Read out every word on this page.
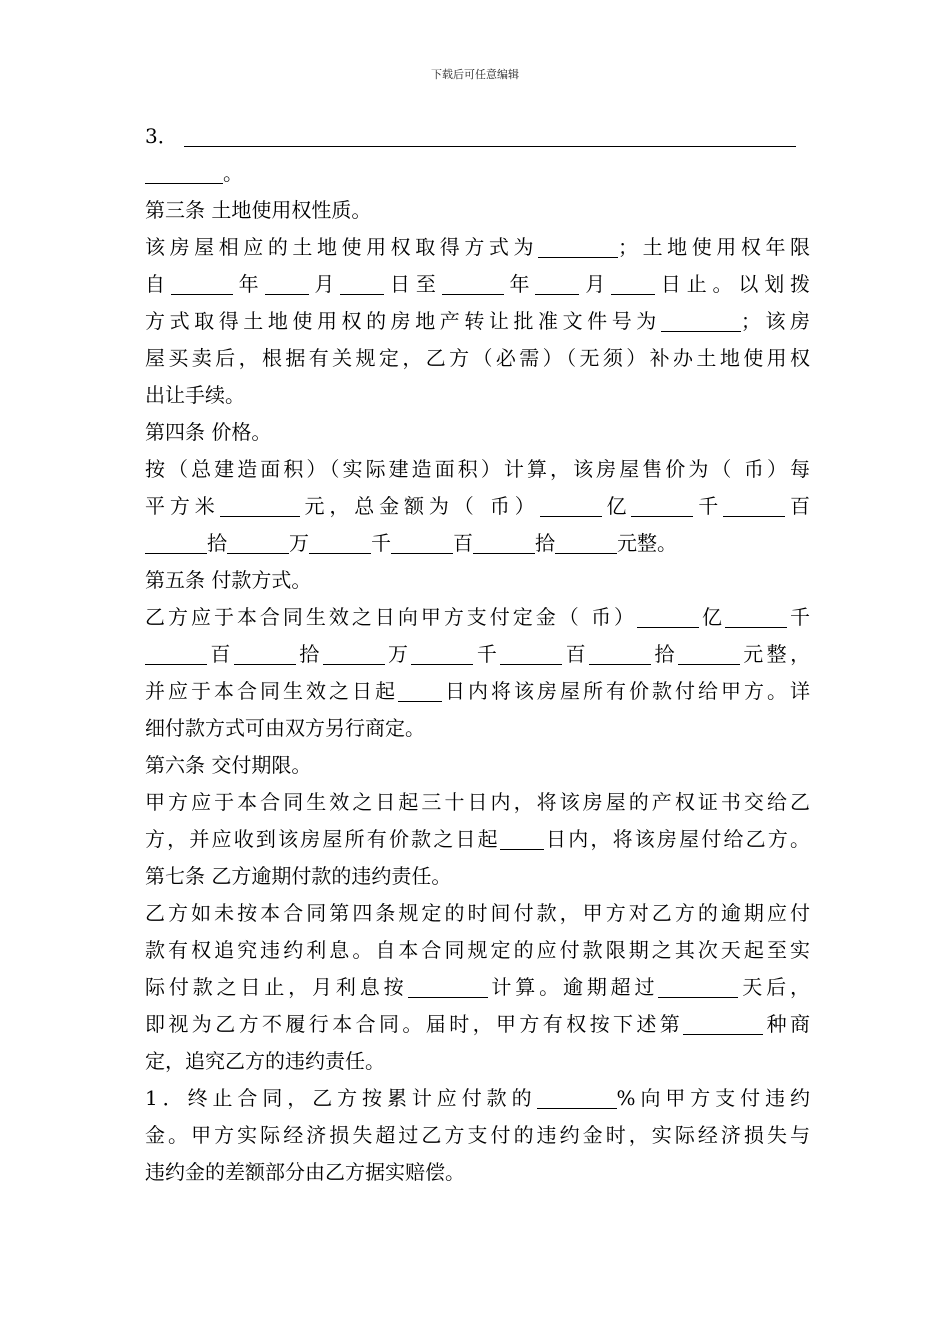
下载后可任意编辑
3．
。
第三条 土地使用权性质。
该房屋相应的土地使用权取得方式为	；土地使用权年限
自	年 月 日至	年 月 日止。以划拨
方式取得土地使用权的房地产转让批准文件号为	；该房
屋买卖后，根据有关规定，乙方（必需）（无须）补办土地使用权
出让手续。
第四条 价格。
按（总建造面积）（实际建造面积）计算，该房屋售价为（ 币）每
平方米	元，总金额为（ 币）	亿	千	百
拾	万	千	百	拾	元整。
第五条 付款方式。
乙方应于本合同生效之日向甲方支付定金（ 币）	亿	千
百	拾	万	千	百	拾	元整，
并应于本合同生效之日起 日内将该房屋所有价款付给甲方。详
细付款方式可由双方另行商定。
第六条 交付期限。
甲方应于本合同生效之日起三十日内，将该房屋的产权证书交给乙
方，并应收到该房屋所有价款之日起 日内，将该房屋付给乙方。
第七条 乙方逾期付款的违约责任。
乙方如未按本合同第四条规定的时间付款，甲方对乙方的逾期应付
款有权追究违约利息。自本合同规定的应付款限期之其次天起至实
际付款之日止，月利息按	计算。逾期超过	天后，
即视为乙方不履行本合同。届时，甲方有权按下述第	种商
定，追究乙方的违约责任。
1．终止合同，乙方按累计应付款的	%向甲方支付违约
金。甲方实际经济损失超过乙方支付的违约金时，实际经济损失与
违约金的差额部分由乙方据实赔偿。
